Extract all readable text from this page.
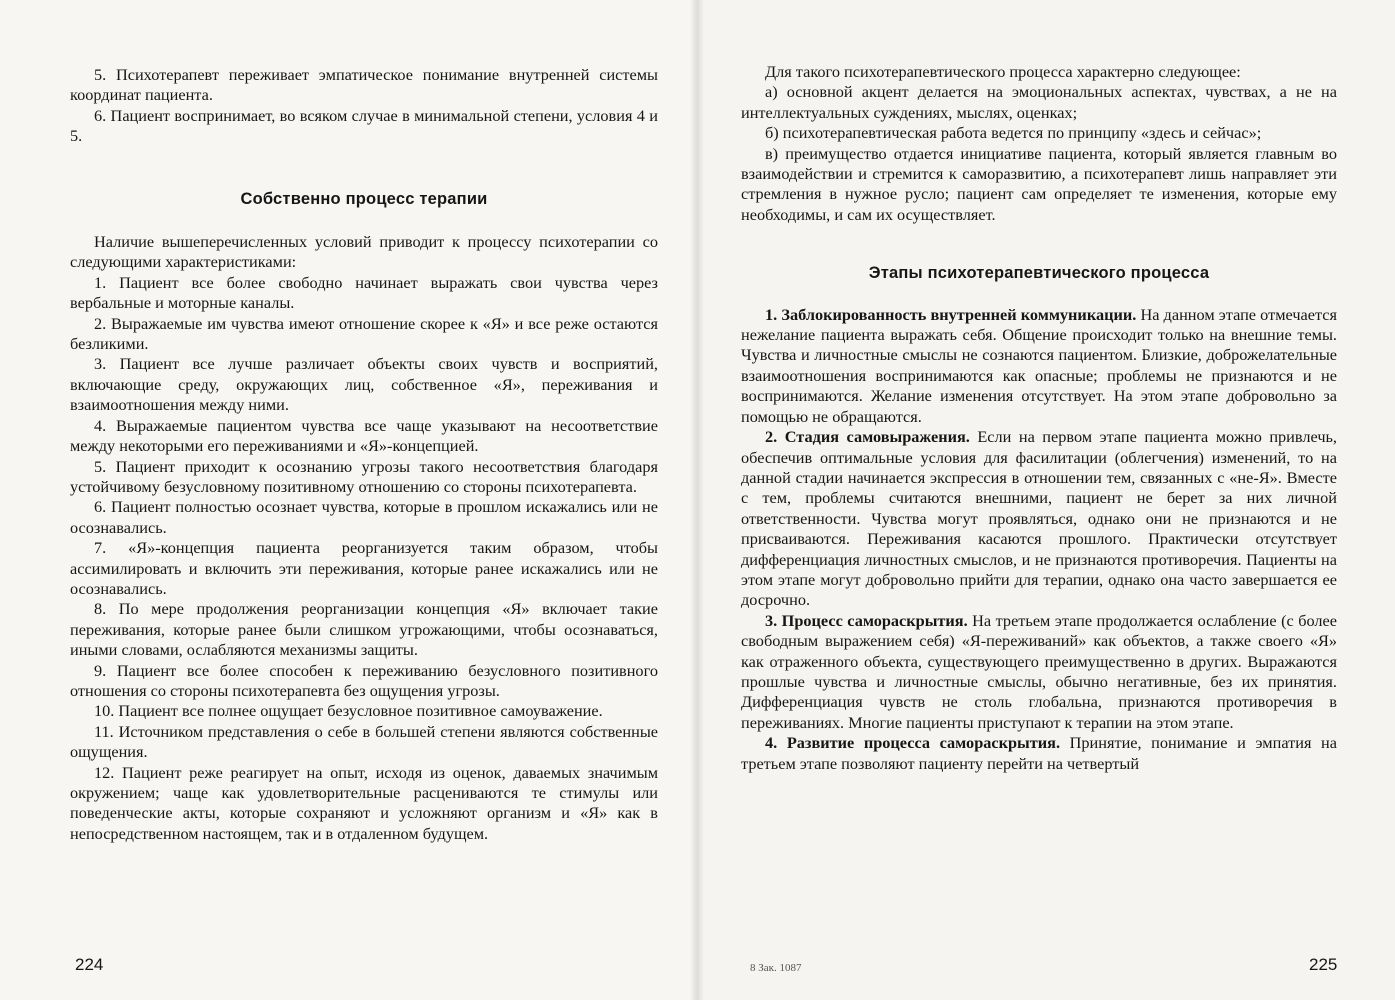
5. Психотерапевт переживает эмпатическое понимание внутренней системы координат пациента.

6. Пациент воспринимает, во всяком случае в минимальной степени, условия 4 и 5.

Собственно процесс терапии

Наличие вышеперечисленных условий приводит к процессу психотерапии со следующими характеристиками:

1. Пациент все более свободно начинает выражать свои чувства через вербальные и моторные каналы.

2. Выражаемые им чувства имеют отношение скорее к «Я» и все реже остаются безликими.

3. Пациент все лучше различает объекты своих чувств и восприятий, включающие среду, окружающих лиц, собственное «Я», переживания и взаимоотношения между ними.

4. Выражаемые пациентом чувства все чаще указывают на несоответствие между некоторыми его переживаниями и «Я»-концепцией.

5. Пациент приходит к осознанию угрозы такого несоответствия благодаря устойчивому безусловному позитивному отношению со стороны психотерапевта.

6. Пациент полностью осознает чувства, которые в прошлом искажались или не осознавались.

7. «Я»-концепция пациента реорганизуется таким образом, чтобы ассимилировать и включить эти переживания, которые ранее искажались или не осознавались.

8. По мере продолжения реорганизации концепция «Я» включает такие переживания, которые ранее были слишком угрожающими, чтобы осознаваться, иными словами, ослабляются механизмы защиты.

9. Пациент все более способен к переживанию безусловного позитивного отношения со стороны психотерапевта без ощущения угрозы.

10. Пациент все полнее ощущает безусловное позитивное самоуважение.

11. Источником представления о себе в большей степени являются собственные ощущения.

12. Пациент реже реагирует на опыт, исходя из оценок, даваемых значимым окружением; чаще как удовлетворительные расцениваются те стимулы или поведенческие акты, которые сохраняют и усложняют организм и «Я» как в непосредственном настоящем, так и в отдаленном будущем.

224

Для такого психотерапевтического процесса характерно следующее:

а) основной акцент делается на эмоциональных аспектах, чувствах, а не на интеллектуальных суждениях, мыслях, оценках;

б) психотерапевтическая работа ведется по принципу «здесь и сейчас»;

в) преимущество отдается инициативе пациента, который является главным во взаимодействии и стремится к саморазвитию, а психотерапевт лишь направляет эти стремления в нужное русло; пациент сам определяет те изменения, которые ему необходимы, и сам их осуществляет.

Этапы психотерапевтического процесса

1. Заблокированность внутренней коммуникации. На данном этапе отмечается нежелание пациента выражать себя. Общение происходит только на внешние темы. Чувства и личностные смыслы не сознаются пациентом. Близкие, доброжелательные взаимоотношения воспринимаются как опасные; проблемы не признаются и не воспринимаются. Желание изменения отсутствует. На этом этапе добровольно за помощью не обращаются.

2. Стадия самовыражения. Если на первом этапе пациента можно привлечь, обеспечив оптимальные условия для фасилитации (облегчения) изменений, то на данной стадии начинается экспрессия в отношении тем, связанных с «не-Я». Вместе с тем, проблемы считаются внешними, пациент не берет за них личной ответственности. Чувства могут проявляться, однако они не признаются и не присваиваются. Переживания касаются прошлого. Практически отсутствует дифференциация личностных смыслов, и не признаются противоречия. Пациенты на этом этапе могут добровольно прийти для терапии, однако она часто завершается ее досрочно.

3. Процесс самораскрытия. На третьем этапе продолжается ослабление (с более свободным выражением себя) «Я-переживаний» как объектов, а также своего «Я» как отраженного объекта, существующего преимущественно в других. Выражаются прошлые чувства и личностные смыслы, обычно негативные, без их принятия. Дифференциация чувств не столь глобальна, признаются противоречия в переживаниях. Многие пациенты приступают к терапии на этом этапе.

4. Развитие процесса самораскрытия. Принятие, понимание и эмпатия на третьем этапе позволяют пациенту перейти на четвертый

8 Зак. 1087	225
